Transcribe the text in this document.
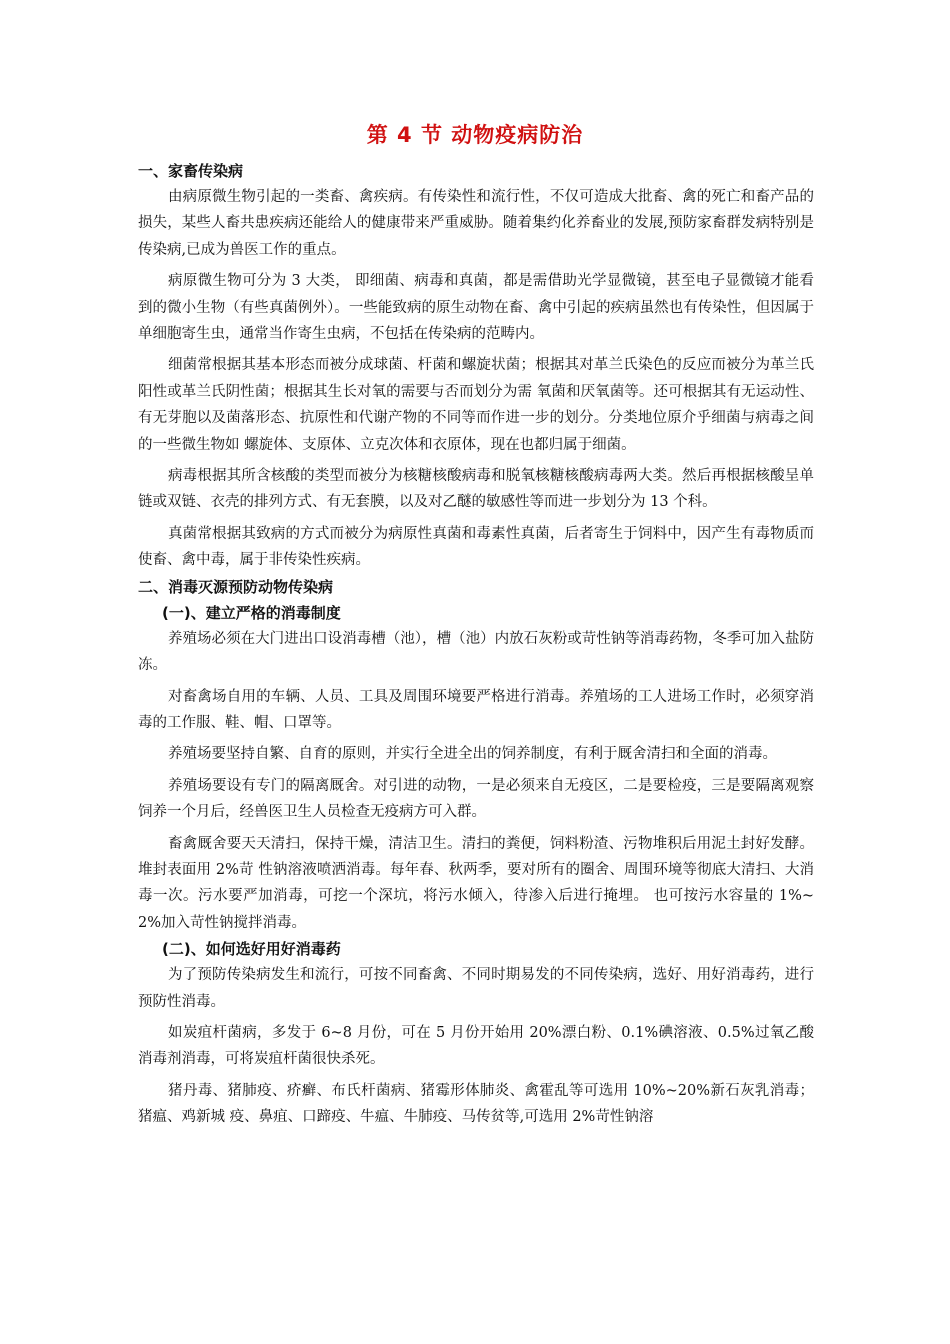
第 4 节 动物疫病防治
一、家畜传染病

由病原微生物引起的一类畜、禽疾病。有传染性和流行性，不仅可造成大批畜、禽的死亡和畜产品的损失，某些人畜共患疾病还能给人的健康带来严重威胁。随着集约化养畜业的发展,预防家畜群发病特别是传染病,已成为兽医工作的重点。

病原微生物可分为 3 大类， 即细菌、病毒和真菌，都是需借助光学显微镜，甚至电子显微镜才能看到的微小生物（有些真菌例外）。一些能致病的原生动物在畜、禽中引起的疾病虽然也有传染性，但因属于单细胞寄生虫，通常当作寄生虫病，不包括在传染病的范畴内。

细菌常根据其基本形态而被分成球菌、杆菌和螺旋状菌；根据其对革兰氏染色的反应而被分为革兰氏阳性或革兰氏阴性菌；根据其生长对氧的需要与否而划分为需 氧菌和厌氧菌等。还可根据其有无运动性、有无芽胞以及菌落形态、抗原性和代谢产物的不同等而作进一步的划分。分类地位原介乎细菌与病毒之间的一些微生物如 螺旋体、支原体、立克次体和衣原体，现在也都归属于细菌。

病毒根据其所含核酸的类型而被分为核糖核酸病毒和脱氧核糖核酸病毒两大类。然后再根据核酸呈单链或双链、衣壳的排列方式、有无套膜，以及对乙醚的敏感性等而进一步划分为 13 个科。

真菌常根据其致病的方式而被分为病原性真菌和毒素性真菌，后者寄生于饲料中，因产生有毒物质而使畜、禽中毒，属于非传染性疾病。

二、消毒灭源预防动物传染病
(一)、建立严格的消毒制度

养殖场必须在大门进出口设消毒槽（池），槽（池）内放石灰粉或苛性钠等消毒药物，冬季可加入盐防冻。

对畜禽场自用的车辆、人员、工具及周围环境要严格进行消毒。养殖场的工人进场工作时，必须穿消毒的工作服、鞋、帽、口罩等。

养殖场要坚持自繁、自育的原则，并实行全进全出的饲养制度，有利于厩舍清扫和全面的消毒。

养殖场要设有专门的隔离厩舍。对引进的动物，一是必须来自无疫区，二是要检疫，三是要隔离观察饲养一个月后，经兽医卫生人员检查无疫病方可入群。

畜禽厩舍要天天清扫，保持干燥，清洁卫生。清扫的粪便，饲料粉渣、污物堆积后用泥土封好发酵。堆封表面用 2%苛 性钠溶液喷洒消毒。每年春、秋两季，要对所有的圈舍、周围环境等彻底大清扫、大消毒一次。污水要严加消毒，可挖一个深坑，将污水倾入，待渗入后进行掩埋。 也可按污水容量的 1%~2%加入苛性钠搅拌消毒。

(二)、如何选好用好消毒药

为了预防传染病发生和流行，可按不同畜禽、不同时期易发的不同传染病，选好、用好消毒药，进行预防性消毒。

如炭疽杆菌病，多发于 6~8 月份，可在 5 月份开始用 20%漂白粉、0.1%碘溶液、0.5%过氧乙酸消毒剂消毒，可将炭疽杆菌很快杀死。

猪丹毒、猪肺疫、疥癣、布氏杆菌病、猪霉形体肺炎、禽霍乱等可选用 10%~20%新石灰乳消毒；猪瘟、鸡新城 疫、鼻疽、口蹄疫、牛瘟、牛肺疫、马传贫等,可选用 2%苛性钠溶
